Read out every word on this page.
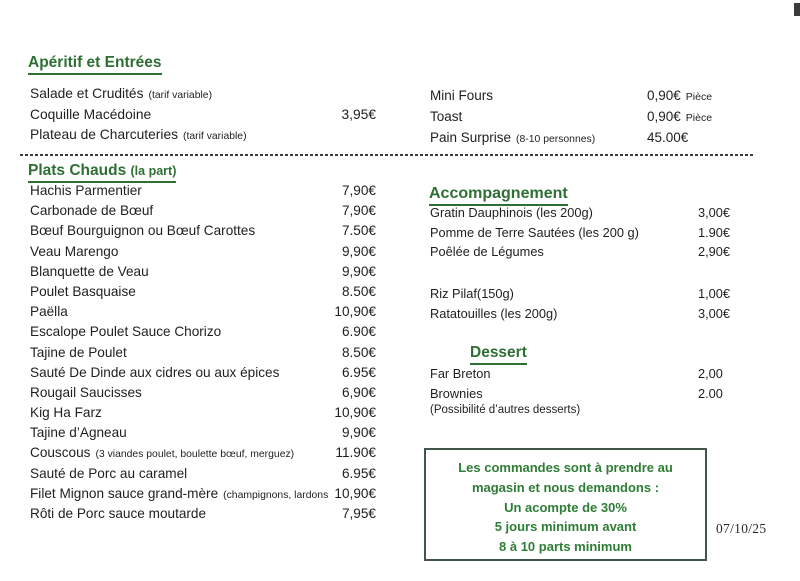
Apéritif et Entrées
Salade et Crudités (tarif variable)
Coquille Macédoine	3,95€
Plateau de Charcuteries (tarif variable)
Mini Fours	0,90€ Pièce
Toast	0,90€ Pièce
Pain Surprise (8-10 personnes)	45.00€
Plats Chauds (la part)
Hachis Parmentier	7,90€
Carbonade de Bœuf	7,90€
Bœuf Bourguignon ou Bœuf Carottes	7.50€
Veau Marengo	9,90€
Blanquette de Veau	9,90€
Poulet Basquaise	8.50€
Paëlla	10,90€
Escalope Poulet Sauce Chorizo	6.90€
Tajine de Poulet	8.50€
Sauté De Dinde aux cidres ou aux épices	6.95€
Rougail Saucisses	6,90€
Kig Ha Farz	10,90€
Tajine d’Agneau	9,90€
Couscous (3 viandes poulet, boulette bœuf, merguez)	11.90€
Sauté de Porc au caramel	6.95€
Filet Mignon sauce grand-mère (champignons, lardons 10,90€
Rôti de Porc sauce moutarde	7,95€
Accompagnement
Gratin Dauphinois (les 200g)	3,00€
Pomme de Terre Sautées (les 200 g)	1.90€
Poêlée de Légumes	2,90€
Riz Pilaf(150g)	1,00€
Ratatouilles (les 200g)	3,00€
Dessert
Far Breton	2,00
Brownies	2.00
(Possibilité d’autres desserts)
Les commandes sont à prendre au
magasin et nous demandons :
Un acompte de 30%
5 jours minimum avant
8 à 10 parts minimum
07/10/25
